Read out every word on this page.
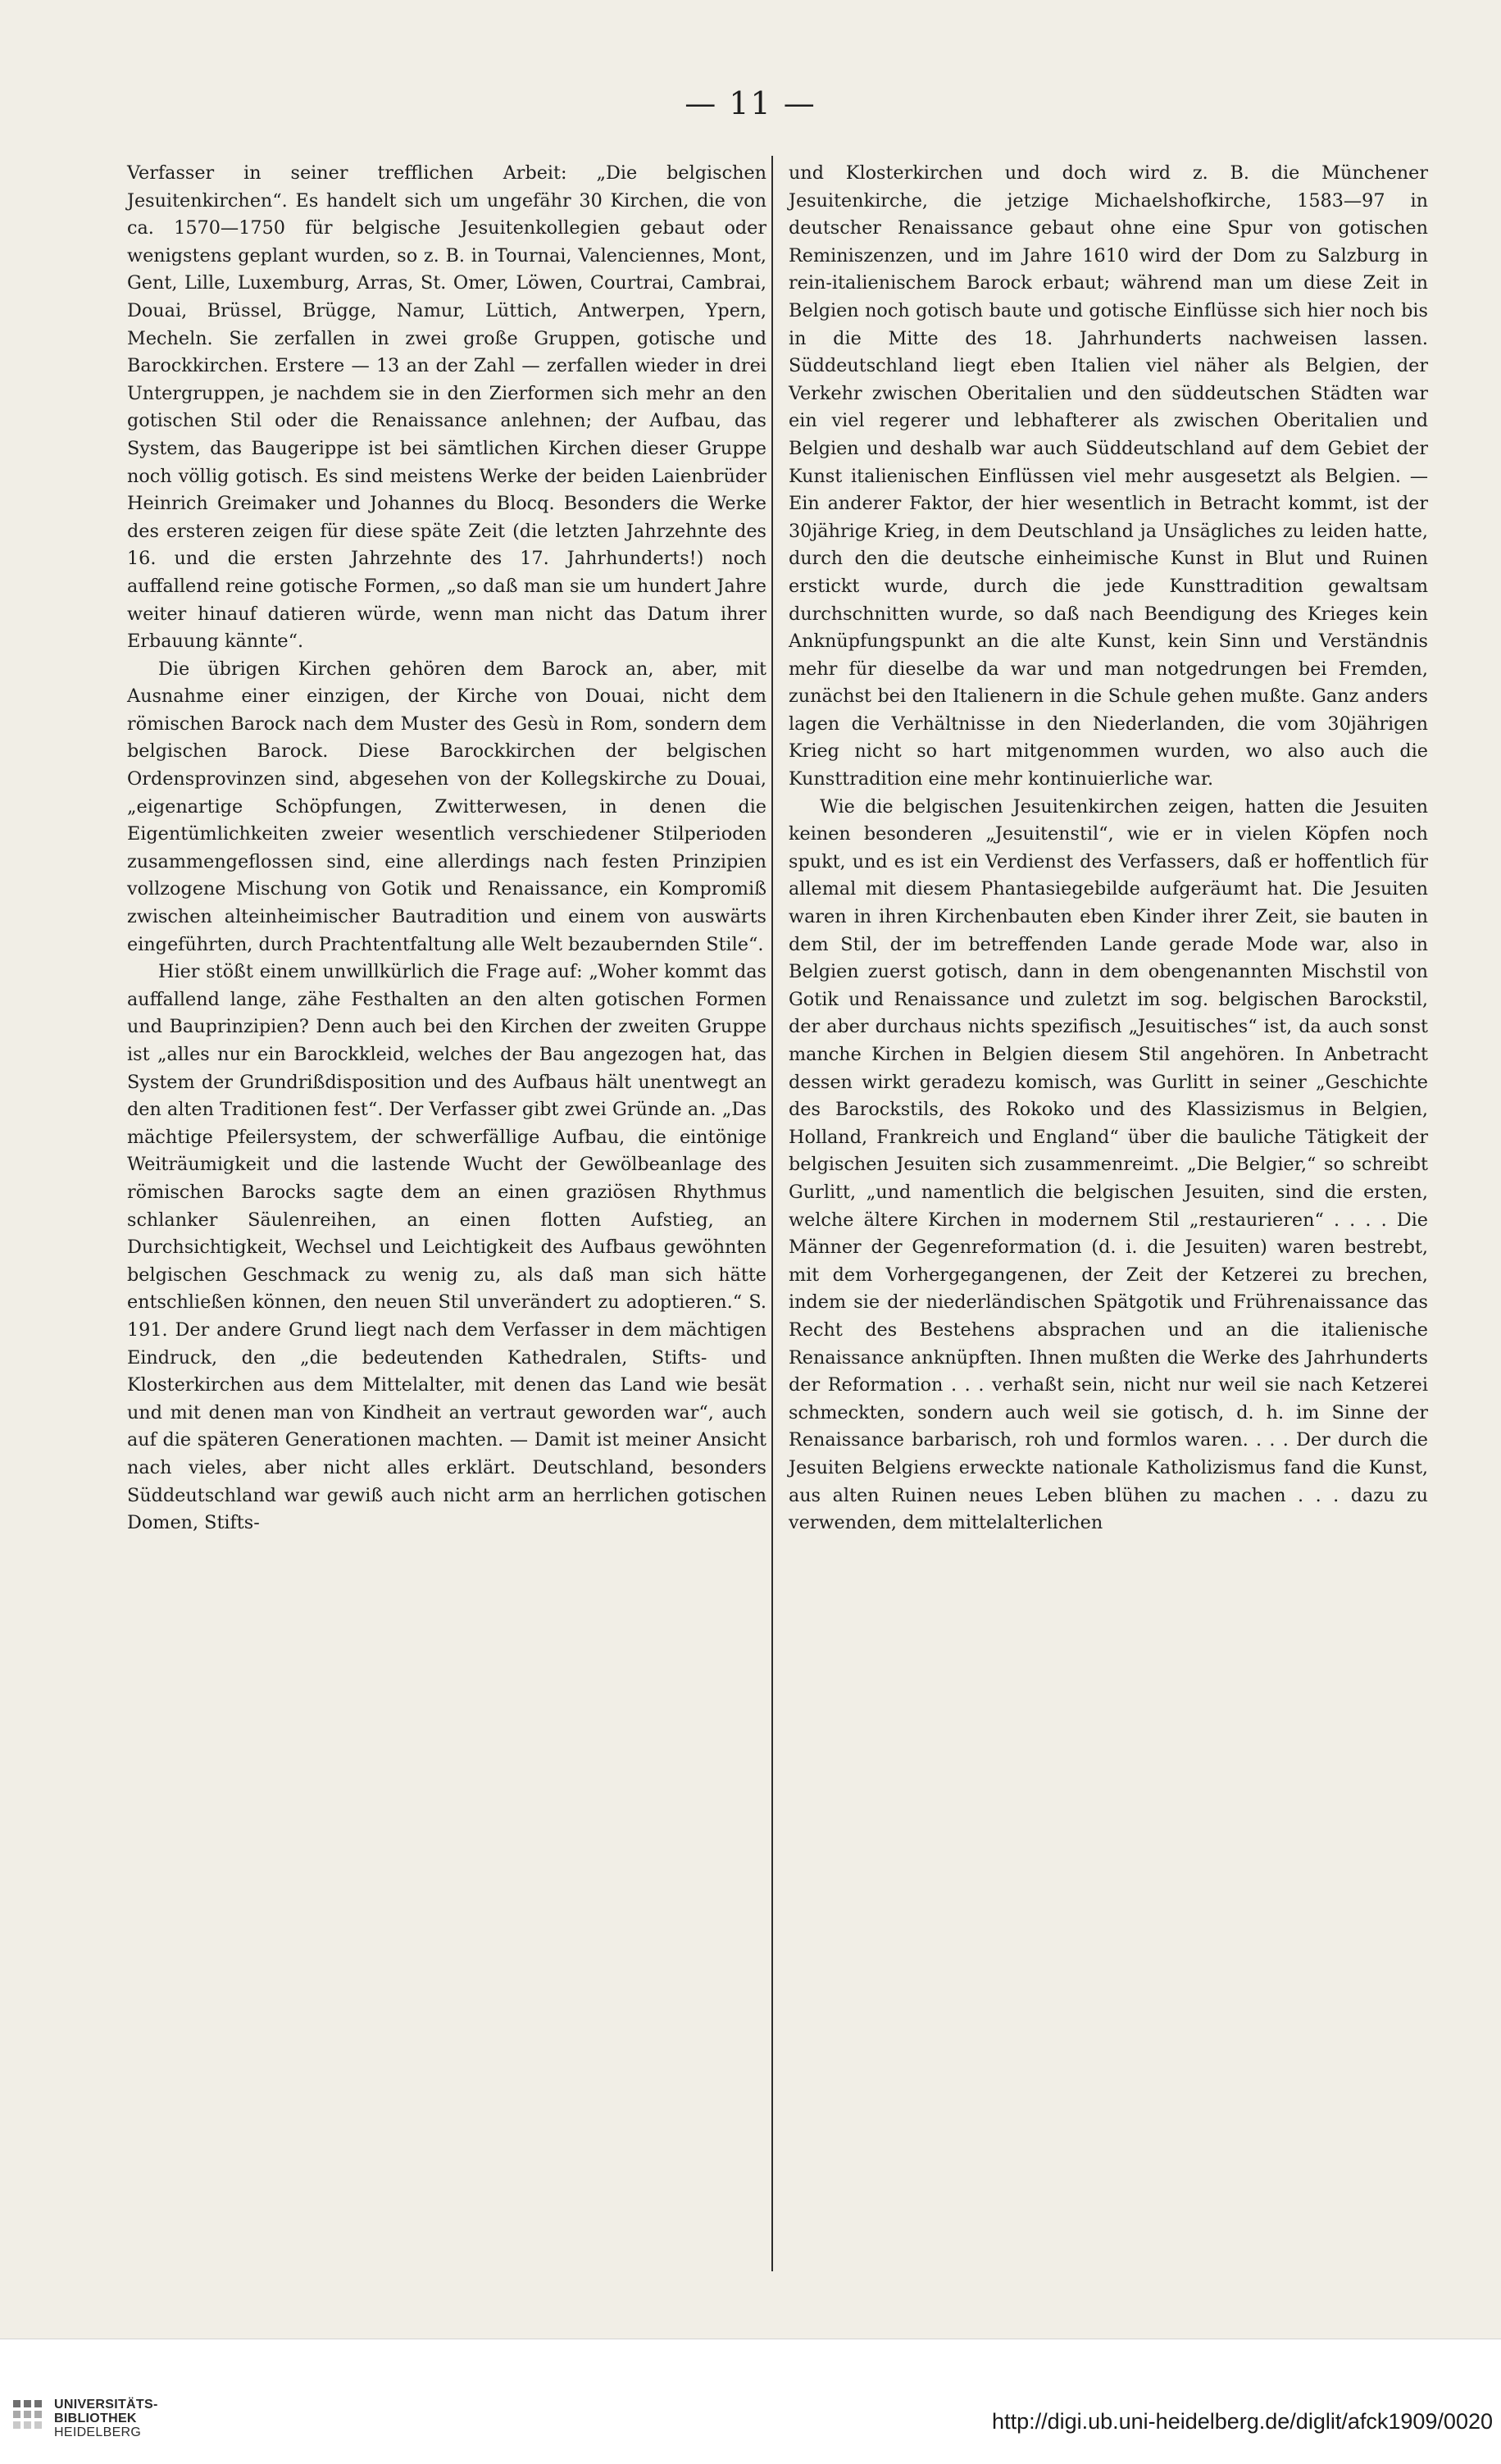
— 11 —

Verfasser in seiner trefflichen Arbeit: „Die belgischen Jesuitenkirchen“. Es handelt sich um ungefähr 30 Kirchen, die von ca. 1570—1750 für belgische Jesuitenkollegien gebaut oder wenigstens geplant wurden, so z. B. in Tournai, Valenciennes, Mont, Gent, Lille, Luxemburg, Arras, St. Omer, Löwen, Courtrai, Cambrai, Douai, Brüssel, Brügge, Namur, Lüttich, Antwerpen, Ypern, Mecheln. Sie zerfallen in zwei große Gruppen, gotische und Barockkirchen. Erstere — 13 an der Zahl — zerfallen wieder in drei Untergruppen, je nachdem sie in den Zierformen sich mehr an den gotischen Stil oder die Renaissance anlehnen; der Aufbau, das System, das Baugerippe ist bei sämtlichen Kirchen dieser Gruppe noch völlig gotisch. Es sind meistens Werke der beiden Laienbrüder Heinrich Greimaker und Johannes du Blocq. Besonders die Werke des ersteren zeigen für diese späte Zeit (die letzten Jahrzehnte des 16. und die ersten Jahrzehnte des 17. Jahrhunderts!) noch auffallend reine gotische Formen, „so daß man sie um hundert Jahre weiter hinauf datieren würde, wenn man nicht das Datum ihrer Erbauung kännte“.

Die übrigen Kirchen gehören dem Barock an, aber, mit Ausnahme einer einzigen, der Kirche von Douai, nicht dem römischen Barock nach dem Muster des Gesù in Rom, sondern dem belgischen Barock. Diese Barockkirchen der belgischen Ordensprovinzen sind, abgesehen von der Kollegskirche zu Douai, „eigenartige Schöpfungen, Zwitterwesen, in denen die Eigentümlichkeiten zweier wesentlich verschiedener Stilperioden zusammengeflossen sind, eine allerdings nach festen Prinzipien vollzogene Mischung von Gotik und Renaissance, ein Kompromiß zwischen alteinheimischer Bautradition und einem von auswärts eingeführten, durch Prachtentfaltung alle Welt bezaubernden Stile“.

Hier stößt einem unwillkürlich die Frage auf: „Woher kommt das auffallend lange, zähe Festhalten an den alten gotischen Formen und Bauprinzipien? Denn auch bei den Kirchen der zweiten Gruppe ist „alles nur ein Barockkleid, welches der Bau angezogen hat, das System der Grundrißdisposition und des Aufbaus hält unentwegt an den alten Traditionen fest“. Der Verfasser gibt zwei Gründe an. „Das mächtige Pfeilersystem, der schwerfällige Aufbau, die eintönige Weiträumigkeit und die lastende Wucht der Gewölbeanlage des römischen Barocks sagte dem an einen graziösen Rhythmus schlanker Säulenreihen, an einen flotten Aufstieg, an Durchsichtigkeit, Wechsel und Leichtigkeit des Aufbaus gewöhnten belgischen Geschmack zu wenig zu, als daß man sich hätte entschließen können, den neuen Stil unverändert zu adoptieren.“ S. 191. Der andere Grund liegt nach dem Verfasser in dem mächtigen Eindruck, den „die bedeutenden Kathedralen, Stifts- und Klosterkirchen aus dem Mittelalter, mit denen das Land wie besät und mit denen man von Kindheit an vertraut geworden war“, auch auf die späteren Generationen machten. — Damit ist meiner Ansicht nach vieles, aber nicht alles erklärt. Deutschland, besonders Süddeutschland war gewiß auch nicht arm an herrlichen gotischen Domen, Stifts-

und Klosterkirchen und doch wird z. B. die Münchener Jesuitenkirche, die jetzige Michaelshofkirche, 1583—97 in deutscher Renaissance gebaut ohne eine Spur von gotischen Reminiszenzen, und im Jahre 1610 wird der Dom zu Salzburg in rein-italienischem Barock erbaut; während man um diese Zeit in Belgien noch gotisch baute und gotische Einflüsse sich hier noch bis in die Mitte des 18. Jahrhunderts nachweisen lassen. Süddeutschland liegt eben Italien viel näher als Belgien, der Verkehr zwischen Oberitalien und den süddeutschen Städten war ein viel regerer und lebhafterer als zwischen Oberitalien und Belgien und deshalb war auch Süddeutschland auf dem Gebiet der Kunst italienischen Einflüssen viel mehr ausgesetzt als Belgien. — Ein anderer Faktor, der hier wesentlich in Betracht kommt, ist der 30jährige Krieg, in dem Deutschland ja Unsägliches zu leiden hatte, durch den die deutsche einheimische Kunst in Blut und Ruinen erstickt wurde, durch die jede Kunsttradition gewaltsam durchschnitten wurde, so daß nach Beendigung des Krieges kein Anknüpfungspunkt an die alte Kunst, kein Sinn und Verständnis mehr für dieselbe da war und man notgedrungen bei Fremden, zunächst bei den Italienern in die Schule gehen mußte. Ganz anders lagen die Verhältnisse in den Niederlanden, die vom 30jährigen Krieg nicht so hart mitgenommen wurden, wo also auch die Kunsttradition eine mehr kontinuierliche war.

Wie die belgischen Jesuitenkirchen zeigen, hatten die Jesuiten keinen besonderen „Jesuitenstil“, wie er in vielen Köpfen noch spukt, und es ist ein Verdienst des Verfassers, daß er hoffentlich für allemal mit diesem Phantasiegebilde aufgeräumt hat. Die Jesuiten waren in ihren Kirchenbauten eben Kinder ihrer Zeit, sie bauten in dem Stil, der im betreffenden Lande gerade Mode war, also in Belgien zuerst gotisch, dann in dem obengenannten Mischstil von Gotik und Renaissance und zuletzt im sog. belgischen Barockstil, der aber durchaus nichts spezifisch „Jesuitisches“ ist, da auch sonst manche Kirchen in Belgien diesem Stil angehören. In Anbetracht dessen wirkt geradezu komisch, was Gurlitt in seiner „Geschichte des Barockstils, des Rokoko und des Klassizismus in Belgien, Holland, Frankreich und England“ über die bauliche Tätigkeit der belgischen Jesuiten sich zusammenreimt. „Die Belgier,“ so schreibt Gurlitt, „und namentlich die belgischen Jesuiten, sind die ersten, welche ältere Kirchen in modernem Stil „restaurieren“ . . . . Die Männer der Gegenreformation (d. i. die Jesuiten) waren bestrebt, mit dem Vorhergegangenen, der Zeit der Ketzerei zu brechen, indem sie der niederländischen Spätgotik und Frührenaissance das Recht des Bestehens absprachen und an die italienische Renaissance anknüpften. Ihnen mußten die Werke des Jahrhunderts der Reformation . . . verhaßt sein, nicht nur weil sie nach Ketzerei schmeckten, sondern auch weil sie gotisch, d. h. im Sinne der Renaissance barbarisch, roh und formlos waren. . . . Der durch die Jesuiten Belgiens erweckte nationale Katholizismus fand die Kunst, aus alten Ruinen neues Leben blühen zu machen . . . dazu zu verwenden, dem mittelalterlichen

UNIVERSITÄTS-
BIBLIOTHEK
HEIDELBERG	http://digi.ub.uni-heidelberg.de/diglit/afck1909/0020
